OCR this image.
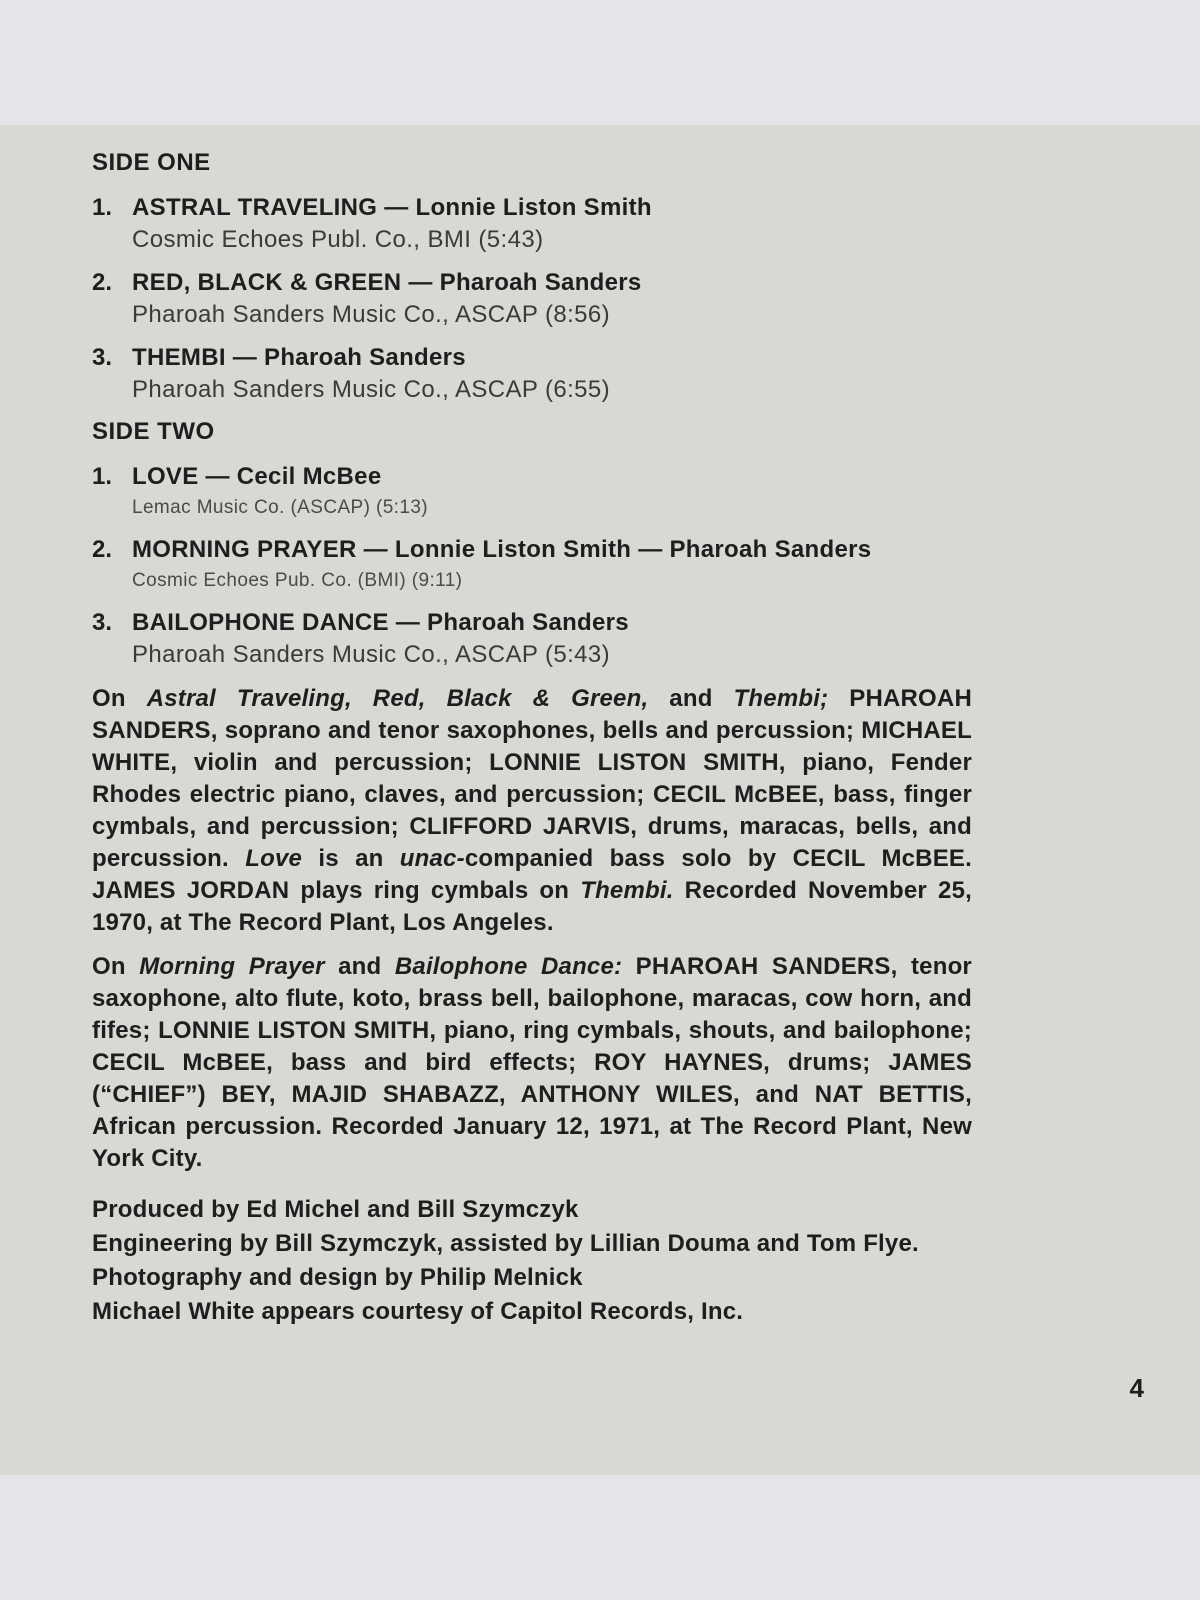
SIDE ONE
1. ASTRAL TRAVELING — Lonnie Liston Smith
Cosmic Echoes Publ. Co., BMI (5:43)
2. RED, BLACK & GREEN — Pharoah Sanders
Pharoah Sanders Music Co., ASCAP (8:56)
3. THEMBI — Pharoah Sanders
Pharoah Sanders Music Co., ASCAP (6:55)
SIDE TWO
1. LOVE — Cecil McBee
Lemac Music Co. (ASCAP) (5:13)
2. MORNING PRAYER — Lonnie Liston Smith — Pharoah Sanders
Cosmic Echoes Pub. Co. (BMI) (9:11)
3. BAILOPHONE DANCE — Pharoah Sanders
Pharoah Sanders Music Co., ASCAP (5:43)

On Astral Traveling, Red, Black & Green, and Thembi; PHAROAH SANDERS, soprano and tenor saxophones, bells and percussion; MICHAEL WHITE, violin and percussion; LONNIE LISTON SMITH, piano, Fender Rhodes electric piano, claves, and percussion; CECIL McBEE, bass, finger cymbals, and percussion; CLIFFORD JARVIS, drums, maracas, bells, and percussion. Love is an unac-companied bass solo by CECIL McBEE. JAMES JORDAN plays ring cymbals on Thembi. Recorded November 25, 1970, at The Record Plant, Los Angeles.

On Morning Prayer and Bailophone Dance: PHAROAH SANDERS, tenor saxophone, alto flute, koto, brass bell, bailophone, maracas, cow horn, and fifes; LONNIE LISTON SMITH, piano, ring cymbals, shouts, and bailophone; CECIL McBEE, bass and bird effects; ROY HAYNES, drums; JAMES (“CHIEF”) BEY, MAJID SHABAZZ, ANTHONY WILES, and NAT BETTIS, African percussion. Recorded January 12, 1971, at The Record Plant, New York City.

Produced by Ed Michel and Bill Szymczyk
Engineering by Bill Szymczyk, assisted by Lillian Douma and Tom Flye.
Photography and design by Philip Melnick
Michael White appears courtesy of Capitol Records, Inc.
4
